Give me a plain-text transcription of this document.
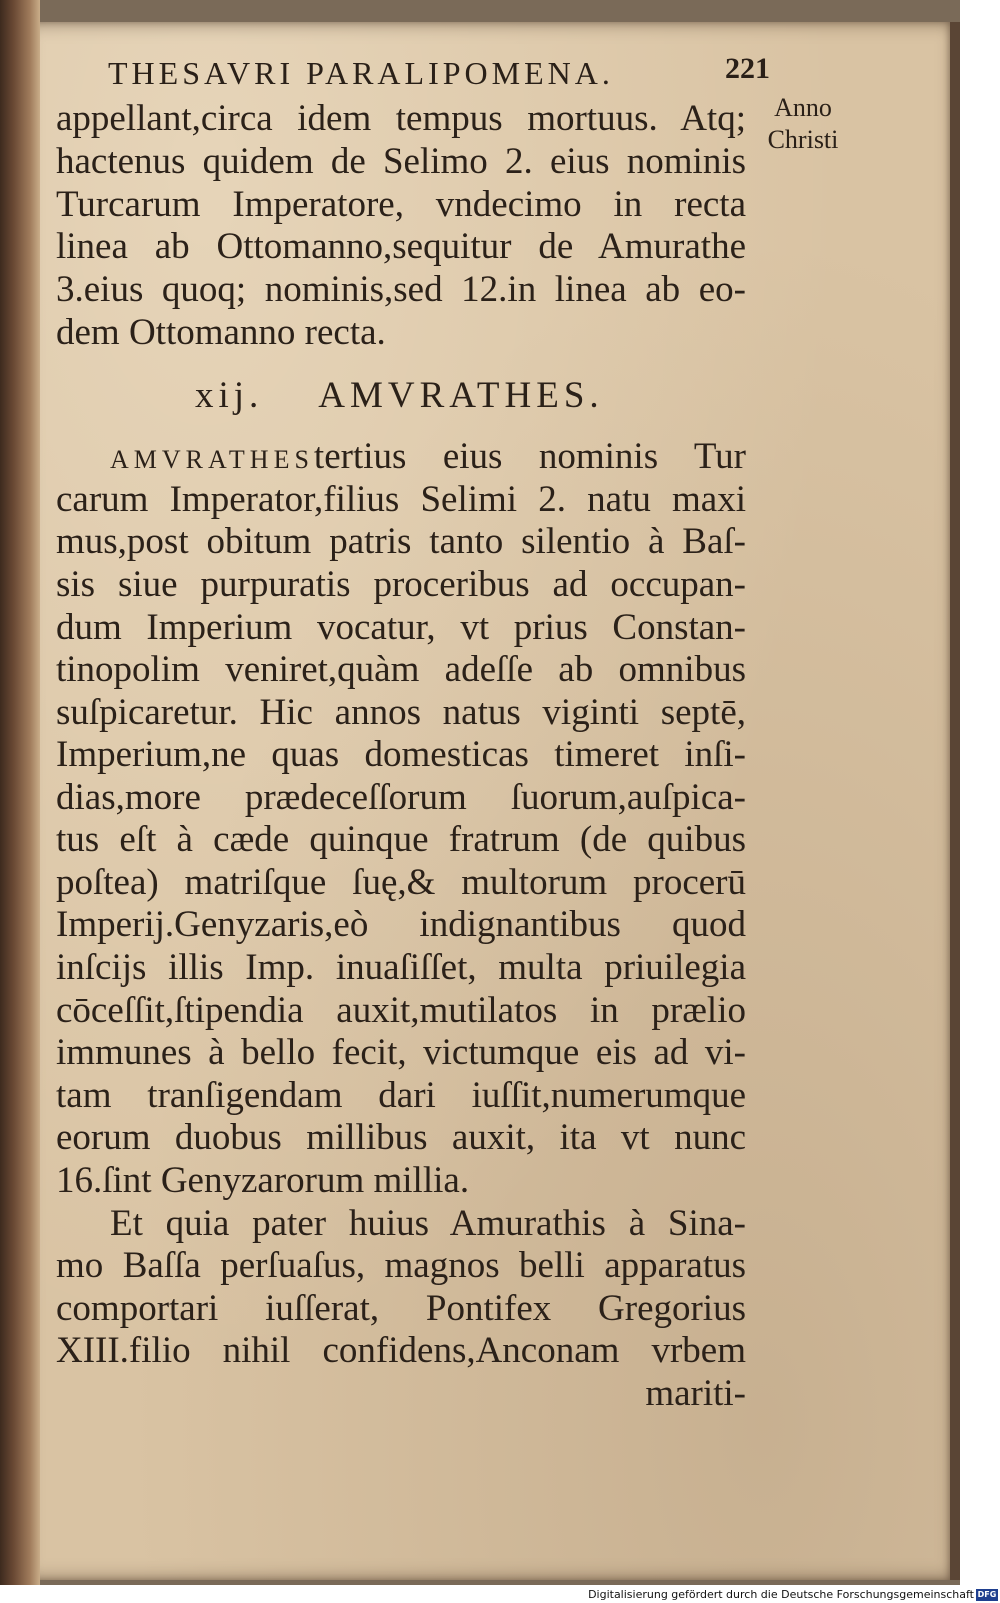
THESAVRI PARALIPOMENA.	221
Anno
Christi
appellant,circa idem tempus mortuus. Atq;
hactenus quidem de Selimo 2. eius nominis
Turcarum Imperatore, vndecimo in recta
linea ab Ottomanno,sequitur de Amurathe
3.eius quoq; nominis,sed 12.in linea ab eo-
dem Ottomanno recta.
xij. AMVRATHES.
AMVRATHEStertius eius nominis Tur
carum Imperator,filius Selimi 2. natu maxi
mus,post obitum patris tanto silentio à Baſ-
sis siue purpuratis proceribus ad occupan-
dum Imperium vocatur, vt prius Constan-
tinopolim veniret,quàm adeſſe ab omnibus
suſpicaretur. Hic annos natus viginti septē,
Imperium,ne quas domesticas timeret inſi-
dias,more prædeceſſorum ſuorum,auſpica-
tus eſt à cæde quinque fratrum (de quibus
poſtea) matriſque ſuę,& multorum procerū
Imperij.Genyzaris,eò indignantibus quod
inſcijs illis Imp. inuaſiſſet, multa priuilegia
cōceſſit,ſtipendia auxit,mutilatos in prælio
immunes à bello fecit, victumque eis ad vi-
tam tranſigendam dari iuſſit,numerumque
eorum duobus millibus auxit, ita vt nunc
16.ſint Genyzarorum millia.
Et quia pater huius Amurathis à Sina-
mo Baſſa perſuaſus, magnos belli apparatus
comportari iuſſerat, Pontifex Gregorius
XIII.filio nihil confidens,Anconam vrbem
mariti-
Digitalisierung gefördert durch die Deutsche Forschungsgemeinschaft DFG
